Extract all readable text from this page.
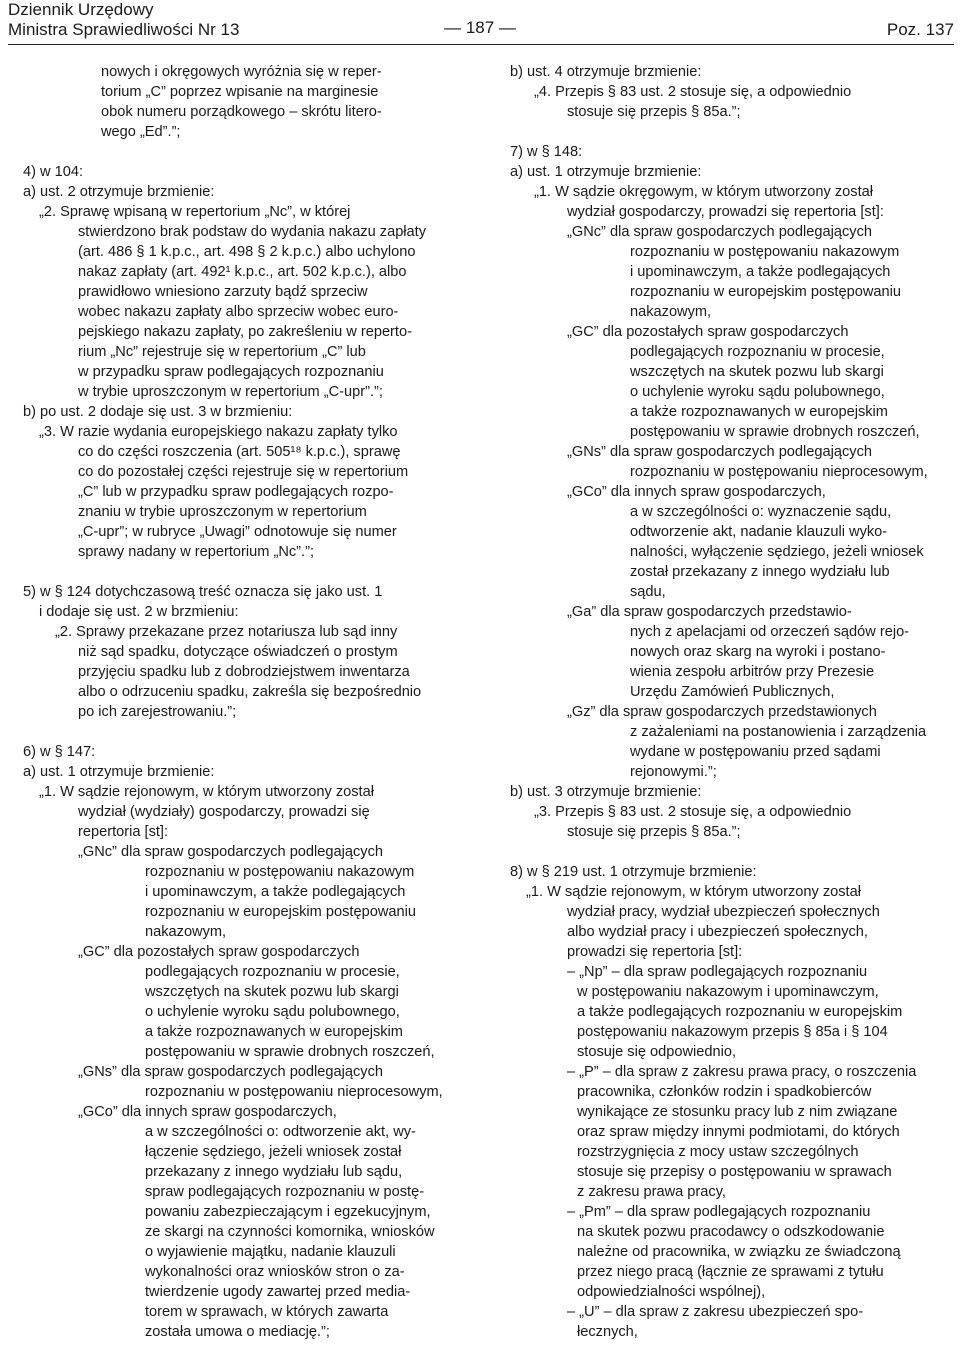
Dziennik Urzędowy
Ministra Sprawiedliwości Nr 13	— 187 —	Poz. 137
nowych i okręgowych wyróżnia się w reper-
torium „C” poprzez wpisanie na marginesie
obok numeru porządkowego – skrótu litero-
wego „Ed”.”;
4) w 104:
a) ust. 2 otrzymuje brzmienie:
„2. Sprawę wpisaną w repertorium „Nc”, w której
stwierdzono brak podstaw do wydania nakazu zapłaty
(art. 486 § 1 k.p.c., art. 498 § 2 k.p.c.) albo uchylono
nakaz zapłaty (art. 492¹ k.p.c., art. 502 k.p.c.), albo
prawidłowo wniesiono zarzuty bądź sprzeciw
wobec nakazu zapłaty albo sprzeciw wobec euro-
pejskiego nakazu zapłaty, po zakreśleniu w reperto-
rium „Nc” rejestruje się w repertorium „C” lub
w przypadku spraw podlegających rozpoznaniu
w trybie uproszczonym w repertorium „C-upr”.”;
b) po ust. 2 dodaje się ust. 3 w brzmieniu:
„3. W razie wydania europejskiego nakazu zapłaty tylko
co do części roszczenia (art. 505¹⁸ k.p.c.), sprawę
co do pozostałej części rejestruje się w repertorium
„C” lub w przypadku spraw podlegających rozpo-
znaniu w trybie uproszczonym w repertorium
„C-upr”; w rubryce „Uwagi” odnotowuje się numer
sprawy nadany w repertorium „Nc”.”;
5) w § 124 dotychczasową treść oznacza się jako ust. 1
i dodaje się ust. 2 w brzmieniu:
„2. Sprawy przekazane przez notariusza lub sąd inny
niż sąd spadku, dotyczące oświadczeń o prostym
przyjęciu spadku lub z dobrodziejstwem inwentarza
albo o odrzuceniu spadku, zakreśla się bezpośrednio
po ich zarejestrowaniu.”;
6) w § 147:
a) ust. 1 otrzymuje brzmienie:
„1. W sądzie rejonowym, w którym utworzony został
wydział (wydziały) gospodarczy, prowadzi się
repertoria [st]:
„GNc” dla spraw gospodarczych podlegających
rozpoznaniu w postępowaniu nakazowym
i upominawczym, a także podlegających
rozpoznaniu w europejskim postępowaniu
nakazowym,
„GC” dla pozostałych spraw gospodarczych
podlegających rozpoznaniu w procesie,
wszczętych na skutek pozwu lub skargi
o uchylenie wyroku sądu polubownego,
a także rozpoznawanych w europejskim
postępowaniu w sprawie drobnych roszczeń,
„GNs” dla spraw gospodarczych podlegających
rozpoznaniu w postępowaniu nieprocesowym,
„GCo” dla innych spraw gospodarczych,
a w szczególności o: odtworzenie akt, wy-
łączenie sędziego, jeżeli wniosek został
przekazany z innego wydziału lub sądu,
spraw podlegających rozpoznaniu w postę-
powaniu zabezpieczającym i egzekucyjnym,
ze skargi na czynności komornika, wniosków
o wyjawienie majątku, nadanie klauzuli
wykonalności oraz wniosków stron o za-
twierdzenie ugody zawartej przed media-
torem w sprawach, w których zawarta
została umowa o mediację.”;
b) ust. 4 otrzymuje brzmienie:
„4. Przepis § 83 ust. 2 stosuje się, a odpowiednio
stosuje się przepis § 85a.”;
7) w § 148:
a) ust. 1 otrzymuje brzmienie:
„1. W sądzie okręgowym, w którym utworzony został
wydział gospodarczy, prowadzi się repertoria [st]:
„GNc” dla spraw gospodarczych podlegających
rozpoznaniu w postępowaniu nakazowym
i upominawczym, a także podlegających
rozpoznaniu w europejskim postępowaniu
nakazowym,
„GC” dla pozostałych spraw gospodarczych
podlegających rozpoznaniu w procesie,
wszczętych na skutek pozwu lub skargi
o uchylenie wyroku sądu polubownego,
a także rozpoznawanych w europejskim
postępowaniu w sprawie drobnych roszczeń,
„GNs” dla spraw gospodarczych podlegających
rozpoznaniu w postępowaniu nieprocesowym,
„GCo” dla innych spraw gospodarczych,
a w szczególności o: wyznaczenie sądu,
odtworzenie akt, nadanie klauzuli wyko-
nalności, wyłączenie sędziego, jeżeli wniosek
został przekazany z innego wydziału lub
sądu,
„Ga” dla spraw gospodarczych przedstawio-
nych z apelacjami od orzeczeń sądów rejo-
nowych oraz skarg na wyroki i postano-
wienia zespołu arbitrów przy Prezesie
Urzędu Zamówień Publicznych,
„Gz” dla spraw gospodarczych przedstawionych
z zażaleniami na postanowienia i zarządzenia
wydane w postępowaniu przed sądami
rejonowymi.”;
b) ust. 3 otrzymuje brzmienie:
„3. Przepis § 83 ust. 2 stosuje się, a odpowiednio
stosuje się przepis § 85a.”;
8) w § 219 ust. 1 otrzymuje brzmienie:
„1. W sądzie rejonowym, w którym utworzony został
wydział pracy, wydział ubezpieczeń społecznych
albo wydział pracy i ubezpieczeń społecznych,
prowadzi się repertoria [st]:
– „Np” – dla spraw podlegających rozpoznaniu
w postępowaniu nakazowym i upominawczym,
a także podlegających rozpoznaniu w europejskim
postępowaniu nakazowym przepis § 85a i § 104
stosuje się odpowiednio,
– „P” – dla spraw z zakresu prawa pracy, o roszczenia
pracownika, członków rodzin i spadkobierców
wynikające ze stosunku pracy lub z nim związane
oraz spraw między innymi podmiotami, do których
rozstrzygnięcia z mocy ustaw szczególnych
stosuje się przepisy o postępowaniu w sprawach
z zakresu prawa pracy,
– „Pm” – dla spraw podlegających rozpoznaniu
na skutek pozwu pracodawcy o odszkodowanie
należne od pracownika, w związku ze świadczoną
przez niego pracą (łącznie ze sprawami z tytułu
odpowiedzialności wspólnej),
– „U” – dla spraw z zakresu ubezpieczeń spo-
łecznych,
